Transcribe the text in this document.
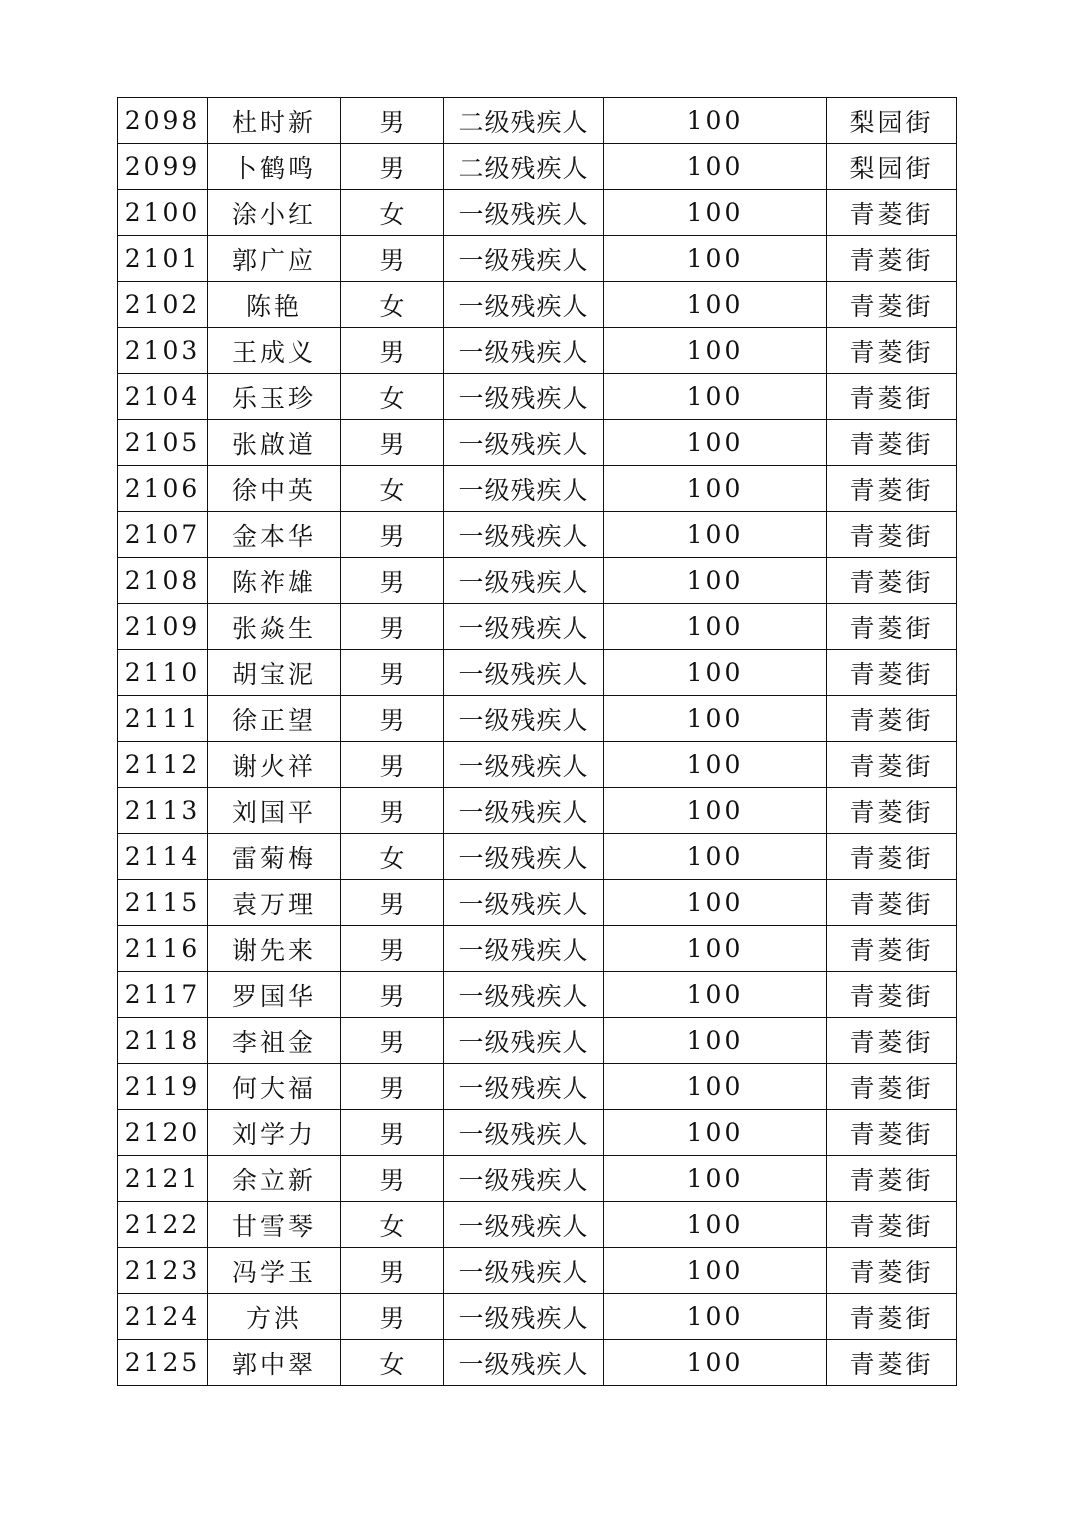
2098	杜时新	男	二级残疾人	100	梨园街
2099	卜鹤鸣	男	二级残疾人	100	梨园街
2100	涂小红	女	一级残疾人	100	青菱街
2101	郭广应	男	一级残疾人	100	青菱街
2102	陈艳	女	一级残疾人	100	青菱街
2103	王成义	男	一级残疾人	100	青菱街
2104	乐玉珍	女	一级残疾人	100	青菱街
2105	张啟道	男	一级残疾人	100	青菱街
2106	徐中英	女	一级残疾人	100	青菱街
2107	金本华	男	一级残疾人	100	青菱街
2108	陈祚雄	男	一级残疾人	100	青菱街
2109	张焱生	男	一级残疾人	100	青菱街
2110	胡宝泥	男	一级残疾人	100	青菱街
2111	徐正望	男	一级残疾人	100	青菱街
2112	谢火祥	男	一级残疾人	100	青菱街
2113	刘国平	男	一级残疾人	100	青菱街
2114	雷菊梅	女	一级残疾人	100	青菱街
2115	袁万理	男	一级残疾人	100	青菱街
2116	谢先来	男	一级残疾人	100	青菱街
2117	罗国华	男	一级残疾人	100	青菱街
2118	李祖金	男	一级残疾人	100	青菱街
2119	何大福	男	一级残疾人	100	青菱街
2120	刘学力	男	一级残疾人	100	青菱街
2121	余立新	男	一级残疾人	100	青菱街
2122	甘雪琴	女	一级残疾人	100	青菱街
2123	冯学玉	男	一级残疾人	100	青菱街
2124	方洪	男	一级残疾人	100	青菱街
2125	郭中翠	女	一级残疾人	100	青菱街
